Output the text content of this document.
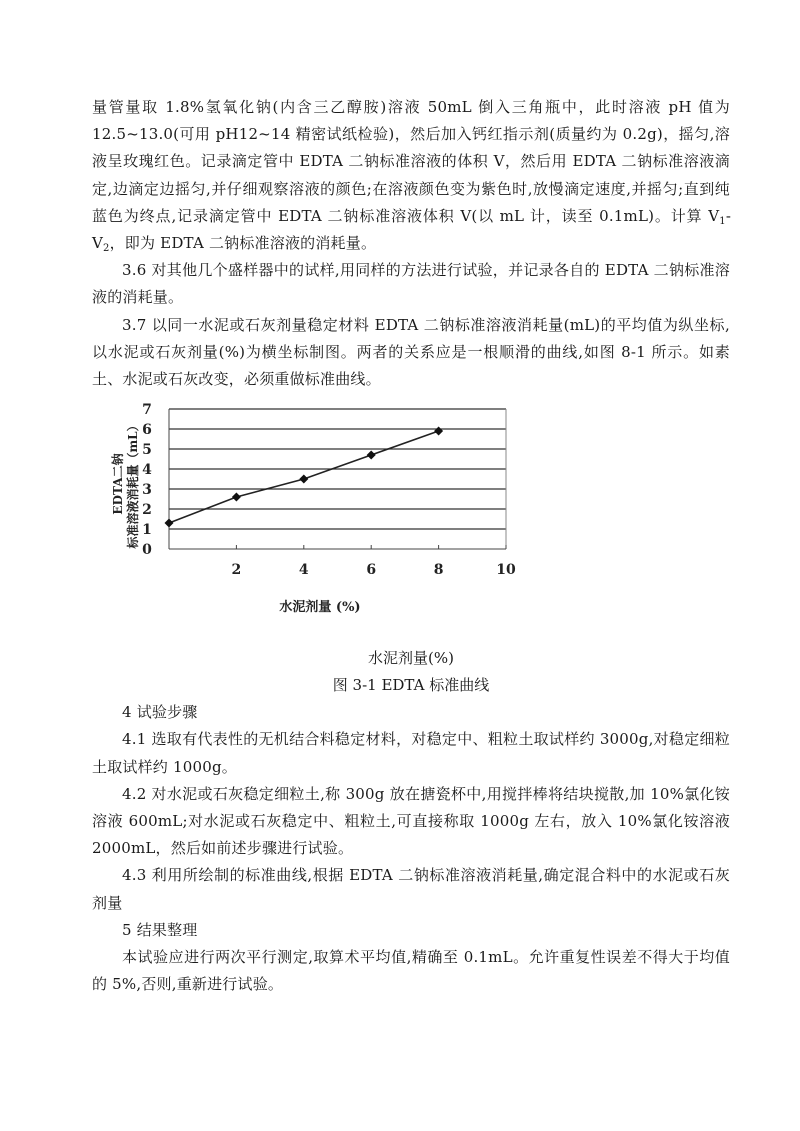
量管量取 1.8%氢氧化钠(内含三乙醇胺)溶液 50mL 倒入三角瓶中，此时溶液 pH 值为 12.5~13.0(可用 pH12~14 精密试纸检验)，然后加入钙红指示剂(质量约为 0.2g)，摇匀,溶液呈玫瑰红色。记录滴定管中 EDTA 二钠标准溶液的体积 V，然后用 EDTA 二钠标准溶液滴定,边滴定边摇匀,并仔细观察溶液的颜色;在溶液颜色变为紫色时,放慢滴定速度,并摇匀;直到纯蓝色为终点,记录滴定管中 EDTA 二钠标准溶液体积 V(以 mL 计，读至 0.1mL)。计算 $V_1-V_2$，即为 EDTA 二钠标准溶液的消耗量。

3.6 对其他几个盛样器中的试样,用同样的方法进行试验，并记录各自的 EDTA 二钠标准溶液的消耗量。

3.7 以同一水泥或石灰剂量稳定材料 EDTA 二钠标准溶液消耗量(mL)的平均值为纵坐标,以水泥或石灰剂量(%)为横坐标制图。两者的关系应是一根顺滑的曲线,如图 8-1 所示。如素土、水泥或石灰改变，必须重做标准曲线。

0
1
2
3
4
5
6
7
2	4	6	8	10
水泥剂量 (%)
EDTA二钠 标准溶液消耗量（mL）

水泥剂量(%)

图 3-1 EDTA 标准曲线

4 试验步骤

4.1 选取有代表性的无机结合料稳定材料，对稳定中、粗粒土取试样约 3000g,对稳定细粒土取试样约 1000g。

4.2 对水泥或石灰稳定细粒土,称 300g 放在搪瓷杯中,用搅拌棒将结块搅散,加 10%氯化铵溶液 600mL;对水泥或石灰稳定中、粗粒土,可直接称取 1000g 左右，放入 10%氯化铵溶液 2000mL，然后如前述步骤进行试验。

4.3 利用所绘制的标准曲线,根据 EDTA 二钠标准溶液消耗量,确定混合料中的水泥或石灰剂量

5 结果整理

本试验应进行两次平行测定,取算术平均值,精确至 0.1mL。允许重复性误差不得大于均值的 5%,否则,重新进行试验。
